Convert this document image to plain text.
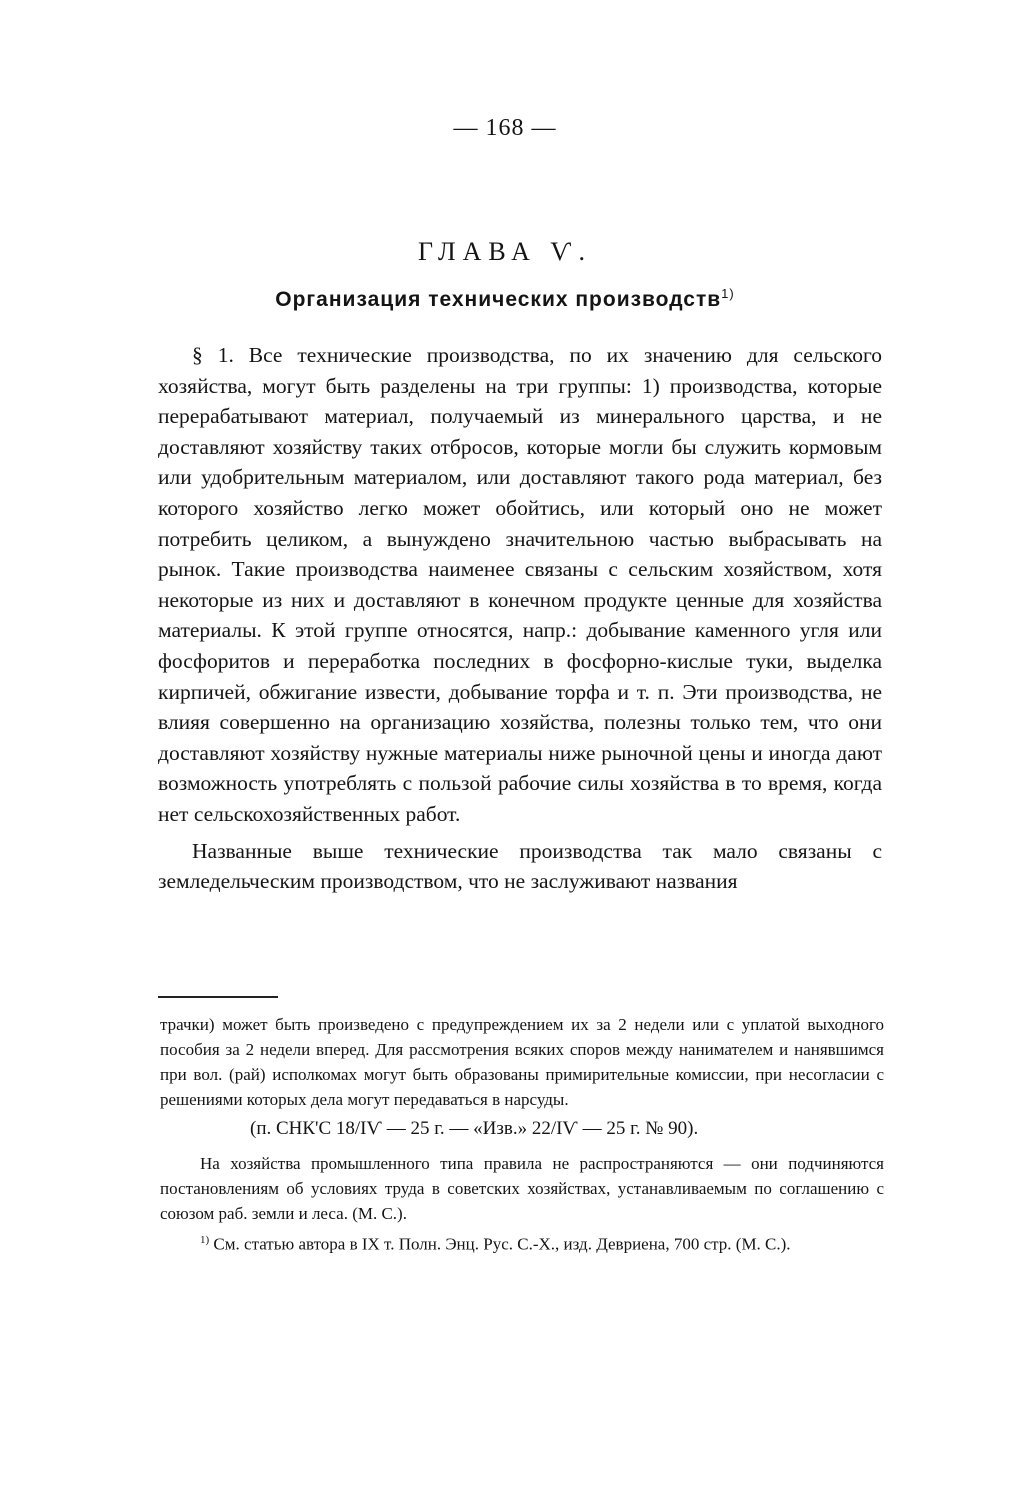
— 168 —
ГЛАВА Ѵ.
Организация технических производств$^{1)}$

§ 1. Все технические производства, по их значению для сельского хозяйства, могут быть разделены на три группы: 1) производства, которые перерабатывают материал, получаемый из минерального царства, и не доставляют хозяйству таких отбросов, которые могли бы служить кормовым или удобрительным материалом, или доставляют такого рода материал, без которого хозяйство легко может обойтись, или который оно не может потребить целиком, а вынуждено значительною частью выбрасывать на рынок. Такие производства наименее связаны с сельским хозяйством, хотя некоторые из них и доставляют в конечном продукте ценные для хозяйства материалы. К этой группе относятся, напр.: добывание каменного угля или фосфоритов и переработка последних в фосфорно-кислые туки, выделка кирпичей, обжигание извести, добывание торфа и т. п. Эти производства, не влияя совершенно на организацию хозяйства, полезны только тем, что они доставляют хозяйству нужные материалы ниже рыночной цены и иногда дают возможность употреблять с пользой рабочие силы хозяйства в то время, когда нет сельскохозяйственных работ.

Названные выше технические производства так мало связаны с земледельческим производством, что не заслуживают названия

трачки) может быть произведено с предупреждением их за 2 недели или с уплатой выходного пособия за 2 недели вперед. Для рассмотрения всяких споров между нанимателем и нанявшимся при вол. (рай) исполкомах могут быть образованы примирительные комиссии, при несогласии с решениями которых дела могут передаваться в нарсуды.

(п. СНК'С 18/IѴ — 25 г. — «Изв.» 22/IѴ — 25 г. № 90).

На хозяйства промышленного типа правила не распространяются — они подчиняются постановлениям об условиях труда в советских хозяйствах, устанавливаемым по соглашению с союзом раб. земли и леса. (М. С.).

$^{1)}$ См. статью автора в IX т. Полн. Энц. Рус. С.-Х., изд. Девриена, 700 стр. (М. С.).
